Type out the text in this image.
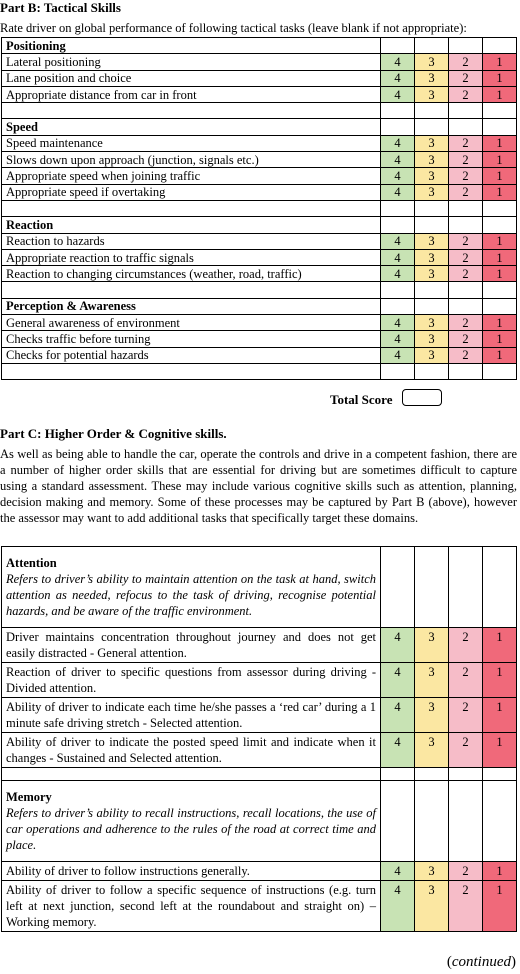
Part B: Tactical Skills
Rate driver on global performance of following tactical tasks (leave blank if not appropriate):
Positioning				
Lateral positioning	4	3	2	1
Lane position and choice	4	3	2	1
Appropriate distance from car in front	4	3	2	1

Speed				
Speed maintenance	4	3	2	1
Slows down upon approach (junction, signals etc.)	4	3	2	1
Appropriate speed when joining traffic	4	3	2	1
Appropriate speed if overtaking	4	3	2	1

Reaction				
Reaction to hazards	4	3	2	1
Appropriate reaction to traffic signals	4	3	2	1
Reaction to changing circumstances (weather, road, traffic)	4	3	2	1

Perception & Awareness				
General awareness of environment	4	3	2	1
Checks traffic before turning	4	3	2	1
Checks for potential hazards	4	3	2	1

Total Score
Part C: Higher Order & Cognitive skills.
As well as being able to handle the car, operate the controls and drive in a competent fashion, there are a number of higher order skills that are essential for driving but are sometimes difficult to capture using a standard assessment. These may include various cognitive skills such as attention, planning, decision making and memory. Some of these processes may be captured by Part B (above), however the assessor may want to add additional tasks that specifically target these domains.
Attention
Refers to driver’s ability to maintain attention on the task at hand, switch attention as needed, refocus to the task of driving, recognise potential hazards, and be aware of the traffic environment.				

Driver maintains concentration throughout journey and does not get easily distracted - General attention.	4	3	2	1
Reaction of driver to specific questions from assessor during driving - Divided attention.	4	3	2	1
Ability of driver to indicate each time he/she passes a ‘red car’ during a 1 minute safe driving stretch - Selected attention.	4	3	2	1
Ability of driver to indicate the posted speed limit and indicate when it changes - Sustained and Selected attention.	4	3	2	1

Memory
Refers to driver’s ability to recall instructions, recall locations, the use of car operations and adherence to the rules of the road at correct time and place.				

Ability of driver to follow instructions generally.	4	3	2	1
Ability of driver to follow a specific sequence of instructions (e.g. turn left at next junction, second left at the roundabout and straight on) – Working memory.	4	3	2	1
(continued)
